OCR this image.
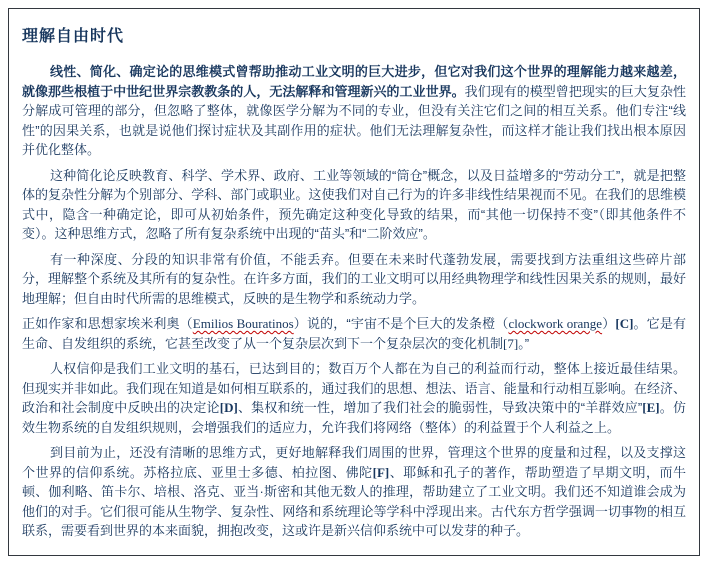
理解自由时代

线性、简化、确定论的思维模式曾帮助推动工业文明的巨大进步，但它对我们这个世界的理解能力越来越差，就像那些根植于中世纪世界宗教教条的人，无法解释和管理新兴的工业世界。我们现有的模型曾把现实的巨大复杂性分解成可管理的部分，但忽略了整体，就像医学分解为不同的专业，但没有关注它们之间的相互关系。他们专注“线性”的因果关系，也就是说他们探讨症状及其副作用的症状。他们无法理解复杂性，而这样才能让我们找出根本原因并优化整体。

这种简化论反映教育、科学、学术界、政府、工业等领域的“筒仓”概念，以及日益增多的“劳动分工”，就是把整体的复杂性分解为个别部分、学科、部门或职业。这使我们对自己行为的许多非线性结果视而不见。在我们的思维模式中，隐含一种确定论，即可从初始条件，预先确定这种变化导致的结果，而“其他一切保持不变”（即其他条件不变）。这种思维方式，忽略了所有复杂系统中出现的“苗头”和“二阶效应”。

有一种深度、分段的知识非常有价值，不能丢弃。但要在未来时代蓬勃发展，需要找到方法重组这些碎片部分，理解整个系统及其所有的复杂性。在许多方面，我们的工业文明可以用经典物理学和线性因果关系的规则，最好地理解；但自由时代所需的思维模式，反映的是生物学和系统动力学。

正如作家和思想家埃米利奥（Emilios Bouratinos）说的，“宇宙不是个巨大的发条橙（clockwork orange）[C]。它是有生命、自发组织的系统，它甚至改变了从一个复杂层次到下一个复杂层次的变化机制[7]。”

人权信仰是我们工业文明的基石，已达到目的；数百万个人都在为自己的利益而行动，整体上接近最佳结果。但现实并非如此。我们现在知道是如何相互联系的，通过我们的思想、想法、语言、能量和行动相互影响。在经济、政治和社会制度中反映出的决定论[D]、集权和统一性，增加了我们社会的脆弱性，导致决策中的“羊群效应”[E]。仿效生物系统的自发组织规则，会增强我们的适应力，允许我们将网络（整体）的利益置于个人利益之上。

到目前为止，还没有清晰的思维方式，更好地解释我们周围的世界，管理这个世界的度量和过程，以及支撑这个世界的信仰系统。苏格拉底、亚里士多德、柏拉图、佛陀[F]、耶稣和孔子的著作，帮助塑造了早期文明，而牛顿、伽利略、笛卡尔、培根、洛克、亚当·斯密和其他无数人的推理，帮助建立了工业文明。我们还不知道谁会成为他们的对手。它们很可能从生物学、复杂性、网络和系统理论等学科中浮现出来。古代东方哲学强调一切事物的相互联系，需要看到世界的本来面貌，拥抱改变，这或许是新兴信仰系统中可以发芽的种子。
